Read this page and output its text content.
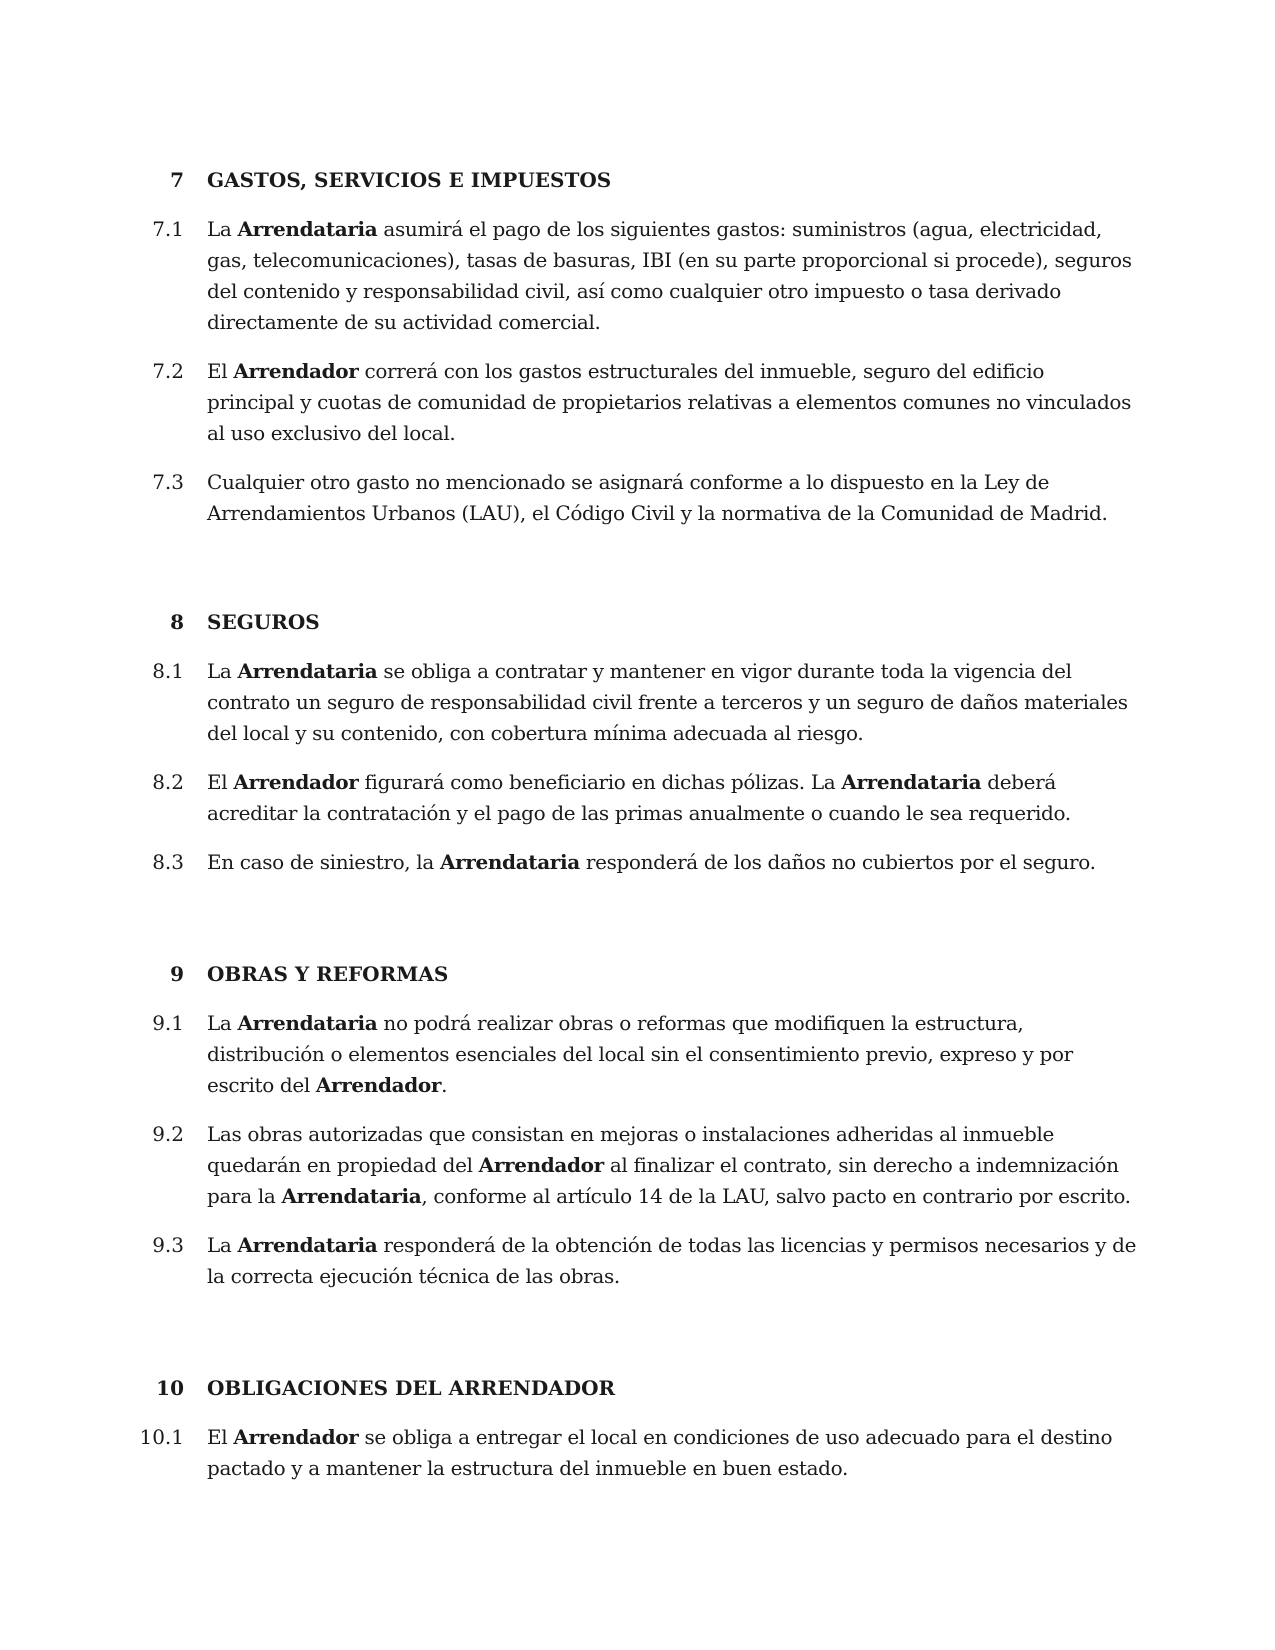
7 GASTOS, SERVICIOS E IMPUESTOS
7.1 La Arrendataria asumirá el pago de los siguientes gastos: suministros (agua, electricidad, gas, telecomunicaciones), tasas de basuras, IBI (en su parte proporcional si procede), seguros del contenido y responsabilidad civil, así como cualquier otro impuesto o tasa derivado directamente de su actividad comercial.
7.2 El Arrendador correrá con los gastos estructurales del inmueble, seguro del edificio principal y cuotas de comunidad de propietarios relativas a elementos comunes no vinculados al uso exclusivo del local.
7.3 Cualquier otro gasto no mencionado se asignará conforme a lo dispuesto en la Ley de Arrendamientos Urbanos (LAU), el Código Civil y la normativa de la Comunidad de Madrid.
8 SEGUROS
8.1 La Arrendataria se obliga a contratar y mantener en vigor durante toda la vigencia del contrato un seguro de responsabilidad civil frente a terceros y un seguro de daños materiales del local y su contenido, con cobertura mínima adecuada al riesgo.
8.2 El Arrendador figurará como beneficiario en dichas pólizas. La Arrendataria deberá acreditar la contratación y el pago de las primas anualmente o cuando le sea requerido.
8.3 En caso de siniestro, la Arrendataria responderá de los daños no cubiertos por el seguro.
9 OBRAS Y REFORMAS
9.1 La Arrendataria no podrá realizar obras o reformas que modifiquen la estructura, distribución o elementos esenciales del local sin el consentimiento previo, expreso y por escrito del Arrendador.
9.2 Las obras autorizadas que consistan en mejoras o instalaciones adheridas al inmueble quedarán en propiedad del Arrendador al finalizar el contrato, sin derecho a indemnización para la Arrendataria, conforme al artículo 14 de la LAU, salvo pacto en contrario por escrito.
9.3 La Arrendataria responderá de la obtención de todas las licencias y permisos necesarios y de la correcta ejecución técnica de las obras.
10 OBLIGACIONES DEL ARRENDADOR
10.1 El Arrendador se obliga a entregar el local en condiciones de uso adecuado para el destino pactado y a mantener la estructura del inmueble en buen estado.
